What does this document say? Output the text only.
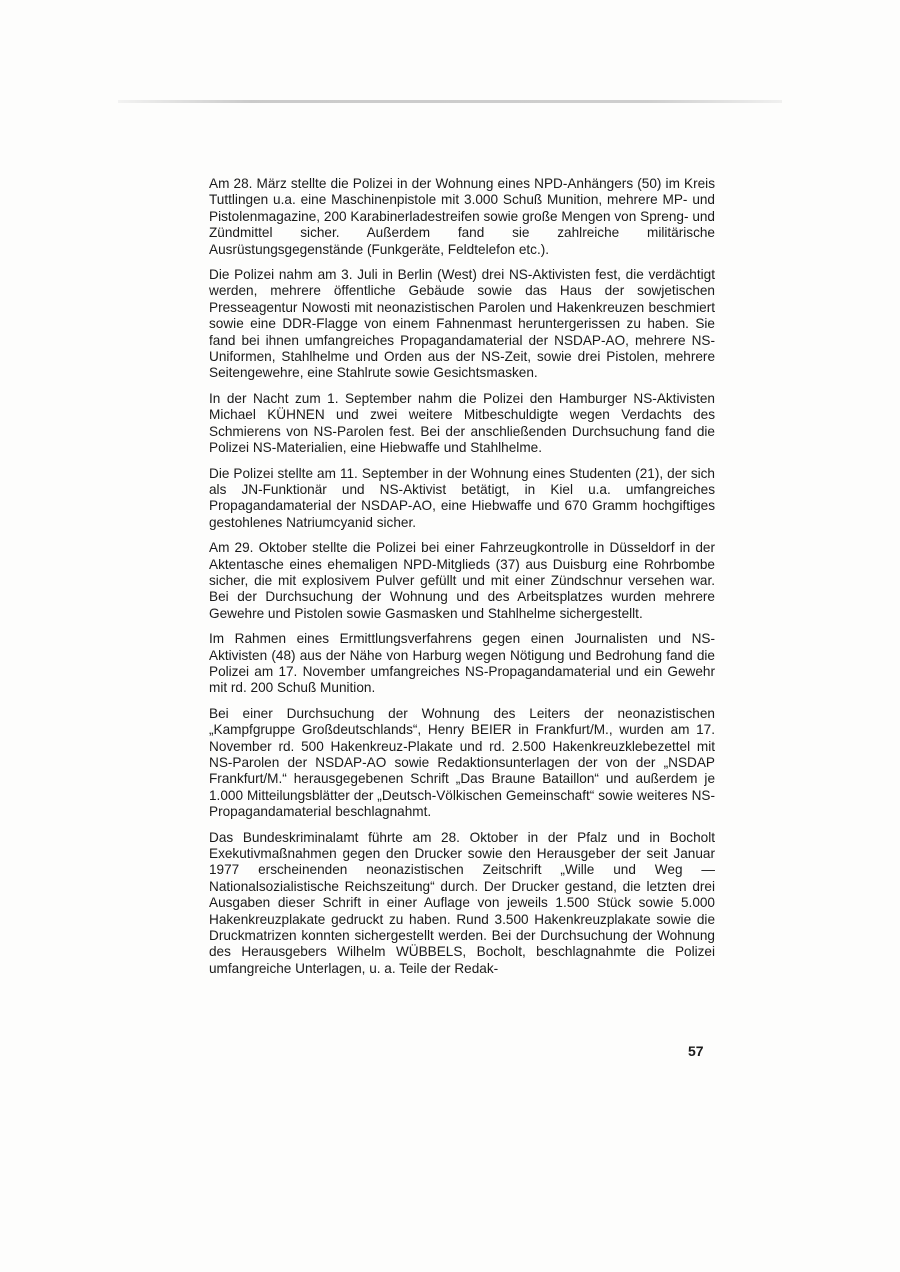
Am 28. März stellte die Polizei in der Wohnung eines NPD-Anhängers (50) im Kreis Tuttlingen u.a. eine Maschinenpistole mit 3.000 Schuß Munition, mehrere MP- und Pistolenmagazine, 200 Karabinerladestreifen sowie große Mengen von Spreng- und Zündmittel sicher. Außerdem fand sie zahlreiche militärische Ausrüstungsgegenstände (Funkgeräte, Feldtelefon etc.).

Die Polizei nahm am 3. Juli in Berlin (West) drei NS-Aktivisten fest, die verdächtigt werden, mehrere öffentliche Gebäude sowie das Haus der sowjetischen Presseagentur Nowosti mit neonazistischen Parolen und Hakenkreuzen beschmiert sowie eine DDR-Flagge von einem Fahnenmast heruntergerissen zu haben. Sie fand bei ihnen umfangreiches Propagandamaterial der NSDAP-AO, mehrere NS-Uniformen, Stahlhelme und Orden aus der NS-Zeit, sowie drei Pistolen, mehrere Seitengewehre, eine Stahlrute sowie Gesichtsmasken.

In der Nacht zum 1. September nahm die Polizei den Hamburger NS-Aktivisten Michael KÜHNEN und zwei weitere Mitbeschuldigte wegen Verdachts des Schmierens von NS-Parolen fest. Bei der anschließenden Durchsuchung fand die Polizei NS-Materialien, eine Hiebwaffe und Stahlhelme.

Die Polizei stellte am 11. September in der Wohnung eines Studenten (21), der sich als JN-Funktionär und NS-Aktivist betätigt, in Kiel u.a. umfangreiches Propagandamaterial der NSDAP-AO, eine Hiebwaffe und 670 Gramm hochgiftiges gestohlenes Natriumcyanid sicher.

Am 29. Oktober stellte die Polizei bei einer Fahrzeugkontrolle in Düsseldorf in der Aktentasche eines ehemaligen NPD-Mitglieds (37) aus Duisburg eine Rohrbombe sicher, die mit explosivem Pulver gefüllt und mit einer Zündschnur versehen war. Bei der Durchsuchung der Wohnung und des Arbeitsplatzes wurden mehrere Gewehre und Pistolen sowie Gasmasken und Stahlhelme sichergestellt.

Im Rahmen eines Ermittlungsverfahrens gegen einen Journalisten und NS-Aktivisten (48) aus der Nähe von Harburg wegen Nötigung und Bedrohung fand die Polizei am 17. November umfangreiches NS-Propagandamaterial und ein Gewehr mit rd. 200 Schuß Munition.

Bei einer Durchsuchung der Wohnung des Leiters der neonazistischen „Kampfgruppe Großdeutschlands“, Henry BEIER in Frankfurt/M., wurden am 17. November rd. 500 Hakenkreuz-Plakate und rd. 2.500 Hakenkreuzklebezettel mit NS-Parolen der NSDAP-AO sowie Redaktionsunterlagen der von der „NSDAP Frankfurt/M.“ herausgegebenen Schrift „Das Braune Bataillon“ und außerdem je 1.000 Mitteilungsblätter der „Deutsch-Völkischen Gemeinschaft“ sowie weiteres NS-Propagandamaterial beschlagnahmt.

Das Bundeskriminalamt führte am 28. Oktober in der Pfalz und in Bocholt Exekutivmaßnahmen gegen den Drucker sowie den Herausgeber der seit Januar 1977 erscheinenden neonazistischen Zeitschrift „Wille und Weg — Nationalsozialistische Reichszeitung“ durch. Der Drucker gestand, die letzten drei Ausgaben dieser Schrift in einer Auflage von jeweils 1.500 Stück sowie 5.000 Hakenkreuzplakate gedruckt zu haben. Rund 3.500 Hakenkreuzplakate sowie die Druckmatrizen konnten sichergestellt werden. Bei der Durchsuchung der Wohnung des Herausgebers Wilhelm WÜBBELS, Bocholt, beschlagnahmte die Polizei umfangreiche Unterlagen, u. a. Teile der Redak-

57
